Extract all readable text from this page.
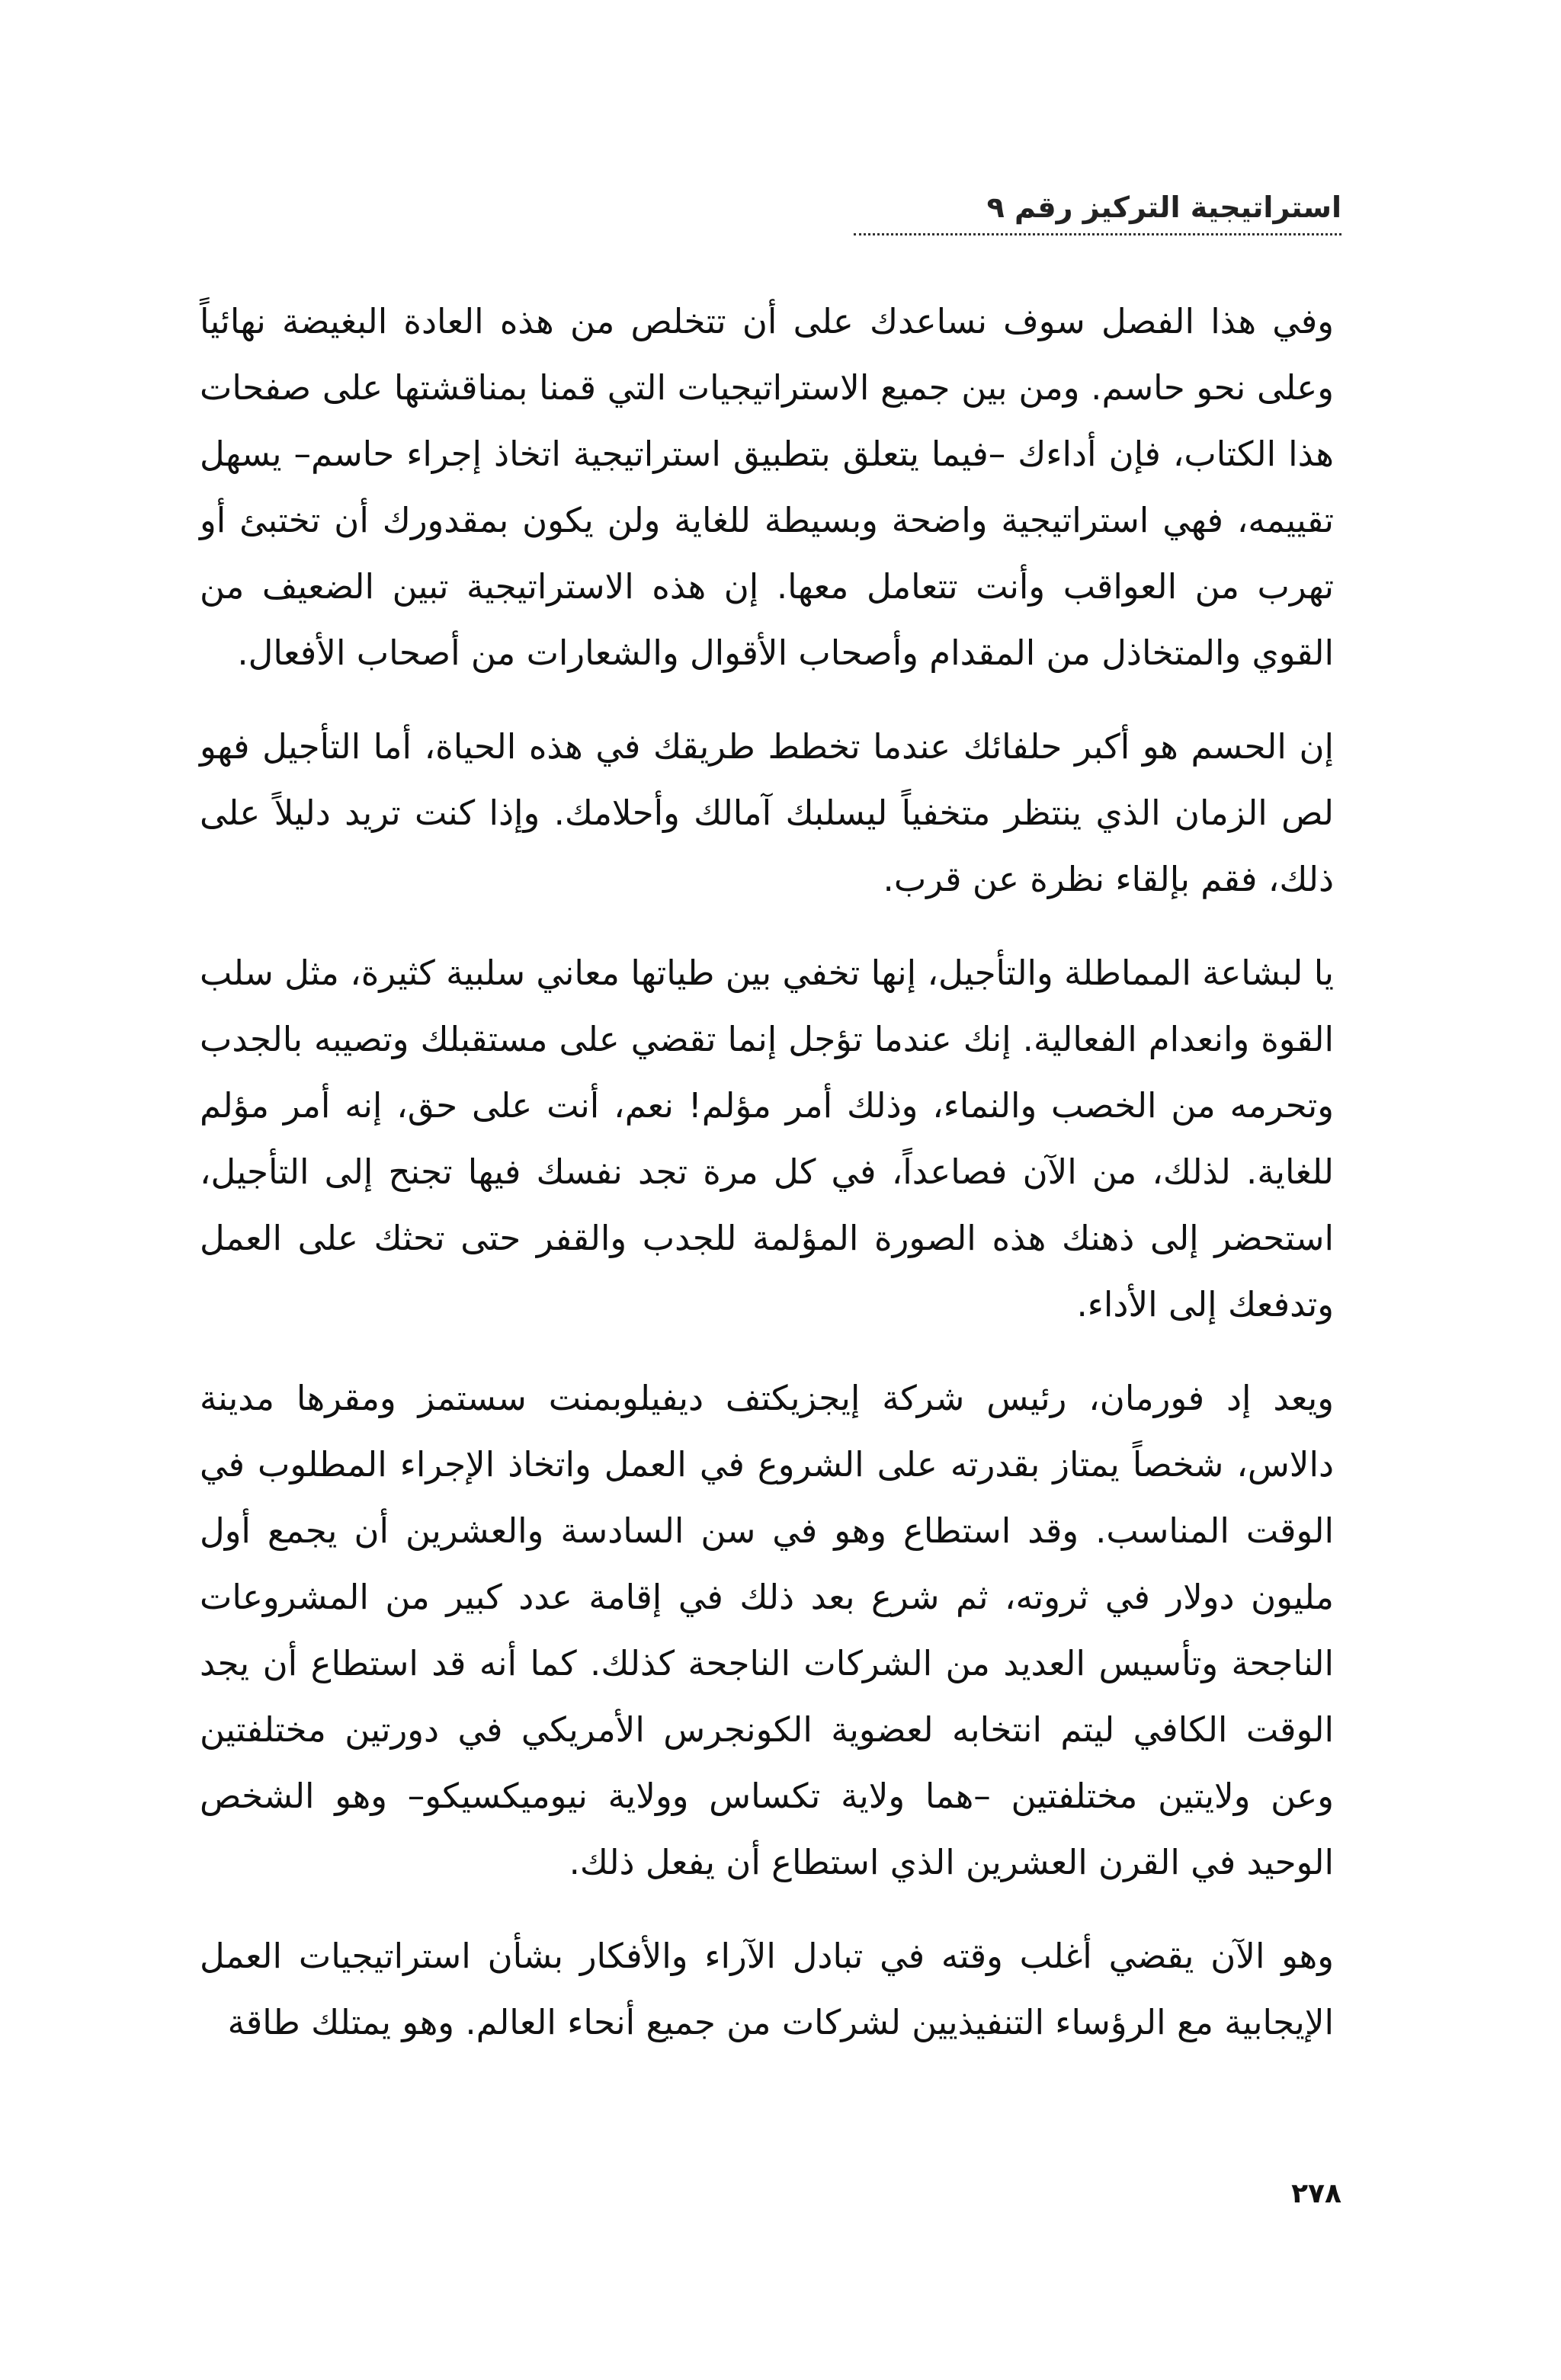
استراتيجية التركيز رقم ٩

وفي هذا الفصل سوف نساعدك على أن تتخلص من هذه العادة البغيضة نهائياً وعلى نحو حاسم. ومن بين جميع الاستراتيجيات التي قمنا بمناقشتها على صفحات هذا الكتاب، فإن أداءك –فيما يتعلق بتطبيق استراتيجية اتخاذ إجراء حاسم– يسهل تقييمه، فهي استراتيجية واضحة وبسيطة للغاية ولن يكون بمقدورك أن تختبئ أو تهرب من العواقب وأنت تتعامل معها. إن هذه الاستراتيجية تبين الضعيف من القوي والمتخاذل من المقدام وأصحاب الأقوال والشعارات من أصحاب الأفعال.

إن الحسم هو أكبر حلفائك عندما تخطط طريقك في هذه الحياة، أما التأجيل فهو لص الزمان الذي ينتظر متخفياً ليسلبك آمالك وأحلامك. وإذا كنت تريد دليلاً على ذلك، فقم بإلقاء نظرة عن قرب.

يا لبشاعة المماطلة والتأجيل، إنها تخفي بين طياتها معاني سلبية كثيرة، مثل سلب القوة وانعدام الفعالية. إنك عندما تؤجل إنما تقضي على مستقبلك وتصيبه بالجدب وتحرمه من الخصب والنماء، وذلك أمر مؤلم! نعم، أنت على حق، إنه أمر مؤلم للغاية. لذلك، من الآن فصاعداً، في كل مرة تجد نفسك فيها تجنح إلى التأجيل، استحضر إلى ذهنك هذه الصورة المؤلمة للجدب والقفر حتى تحثك على العمل وتدفعك إلى الأداء.

ويعد إد فورمان، رئيس شركة إيجزيكتف ديفيلوبمنت سستمز ومقرها مدينة دالاس، شخصاً يمتاز بقدرته على الشروع في العمل واتخاذ الإجراء المطلوب في الوقت المناسب. وقد استطاع وهو في سن السادسة والعشرين أن يجمع أول مليون دولار في ثروته، ثم شرع بعد ذلك في إقامة عدد كبير من المشروعات الناجحة وتأسيس العديد من الشركات الناجحة كذلك. كما أنه قد استطاع أن يجد الوقت الكافي ليتم انتخابه لعضوية الكونجرس الأمريكي في دورتين مختلفتين وعن ولايتين مختلفتين –هما ولاية تكساس وولاية نيوميكسيكو– وهو الشخص الوحيد في القرن العشرين الذي استطاع أن يفعل ذلك.

وهو الآن يقضي أغلب وقته في تبادل الآراء والأفكار بشأن استراتيجيات العمل الإيجابية مع الرؤساء التنفيذيين لشركات من جميع أنحاء العالم. وهو يمتلك طاقة

٢٧٨
